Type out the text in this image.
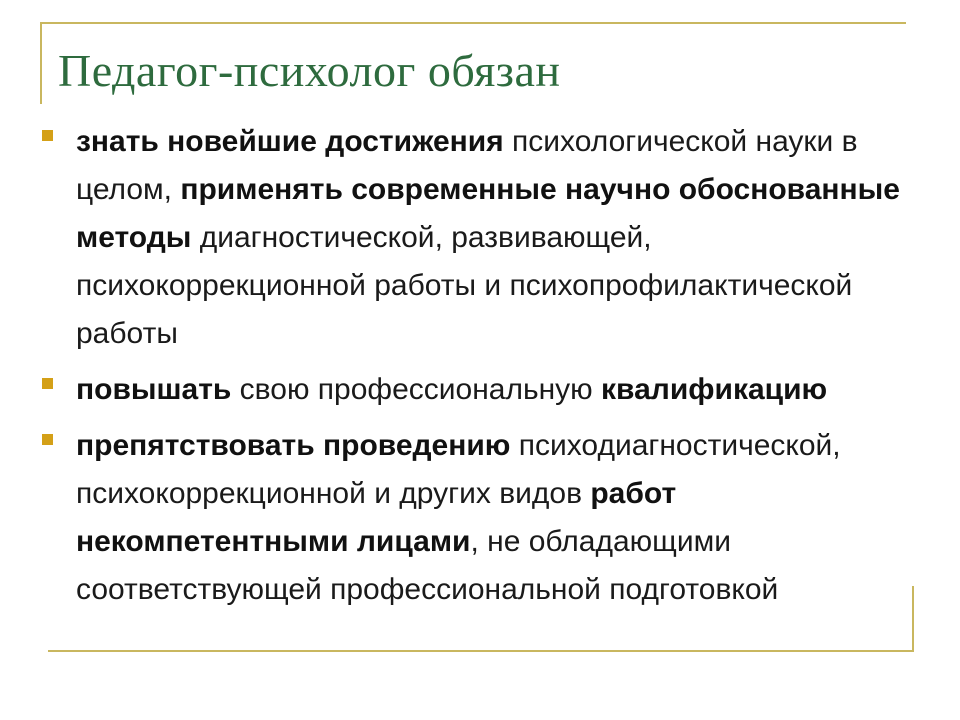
Педагог-психолог обязан
знать новейшие достижения психологической науки в целом, применять современные научно обоснованные методы диагностической, развивающей, психокоррекционной работы и психопрофилактической работы
повышать свою профессиональную квалификацию
препятствовать проведению психодиагностической, психокоррекционной и других видов работ некомпетентными лицами, не обладающими соответствующей профессиональной подготовкой
